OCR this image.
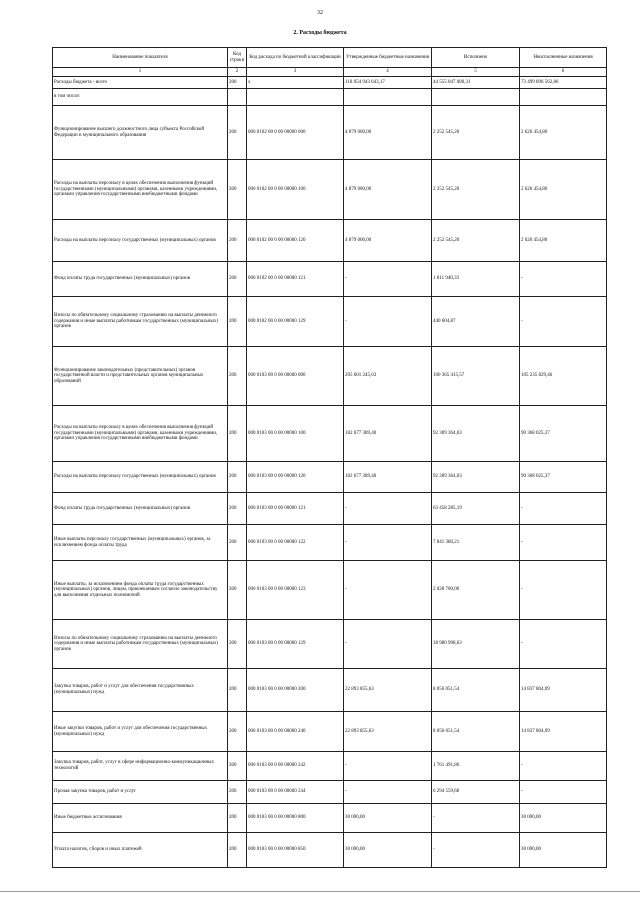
32
2. Расходы бюджета
Наименование показателя	Код строки	Код расхода по бюджетной классификации	Утвержденные бюджетные назначения	Исполнено	Неисполненные назначения
1	2	3	4	5	6
Расходы бюджета - всего	200	x	118 054 943 643,17	44 555 047 080,31	73 499 896 562,86
в том числе:					
Функционирование высшего должностного лица субъекта Российской Федерации и муниципального образования	200	000 0102 00 0 00 00000 000	4 879 000,00	2 252 545,20	2 626 454,80
Расходы на выплаты персоналу в целях обеспечения выполнения функций государственными (муниципальными) органами, казенными учреждениями, органами управления государственными внебюджетными фондами	200	000 0102 00 0 00 00000 100	4 879 000,00	2 252 545,20	2 626 454,80
Расходы на выплаты персоналу государственных (муниципальных) органов	200	000 0102 00 0 00 00000 120	4 879 000,00	2 252 545,20	2 626 454,80
Фонд оплаты труда государственных (муниципальных) органов	200	000 0102 00 0 00 00000 121	-	1 811 940,33	-
Взносы по обязательному социальному страхованию на выплаты денежного содержания и иные выплаты работникам государственных (муниципальных) органов	200	000 0102 00 0 00 00000 129	-	440 604,87	-
Функционирование законодательных (представительных) органов государственной власти и представительных органов муниципальных образований	200	000 0103 00 0 00 00000 000	205 601 245,03	100 365 415,57	105 235 829,46
Расходы на выплаты персоналу в целях обеспечения выполнения функций государственными (муниципальными) органами, казенными учреждениями, органами управления государственными внебюджетными фондами	200	000 0103 00 0 00 00000 100	182 677 389,40	92 309 364,03	90 368 025,37
Расходы на выплаты персоналу государственных (муниципальных) органов	200	000 0103 00 0 00 00000 120	182 677 389,40	92 309 364,03	90 368 025,37
Фонд оплаты труда государственных (муниципальных) органов	200	000 0103 00 0 00 00000 121	-	63 458 285,19	-
Иные выплаты персоналу государственных (муниципальных) органов, за исключением фонда оплаты труда	200	000 0103 00 0 00 00000 122	-	7 841 380,21	-
Иные выплаты, за исключением фонда оплаты труда государственных (муниципальных) органов, лицам, привлекаемым согласно законодательству для выполнения отдельных полномочий	200	000 0103 00 0 00 00000 123	-	2 028 700,00	-
Взносы по обязательному социальному страхованию на выплаты денежного содержания и иные выплаты работникам государственных (муниципальных) органов	200	000 0103 00 0 00 00000 129	-	18 980 998,63	-
Закупка товаров, работ и услуг для обеспечения государственных (муниципальных) нужд	200	000 0103 00 0 00 00000 200	22 893 855,63	8 056 051,54	14 837 804,09
Иные закупки товаров, работ и услуг для обеспечения государственных (муниципальных) нужд	200	000 0103 00 0 00 00000 240	22 893 855,63	8 056 051,54	14 837 804,09
Закупка товаров, работ, услуг в сфере информационно-коммуникационных технологий	200	000 0103 00 0 00 00000 242	-	1 761 491,86	-
Прочая закупка товаров, работ и услуг	200	000 0103 00 0 00 00000 244	-	6 294 559,68	-
Иные бюджетные ассигнования	200	000 0103 00 0 00 00000 800	30 000,00	-	30 000,00
Уплата налогов, сборов и иных платежей	200	000 0103 00 0 00 00000 850	30 000,00	-	30 000,00
